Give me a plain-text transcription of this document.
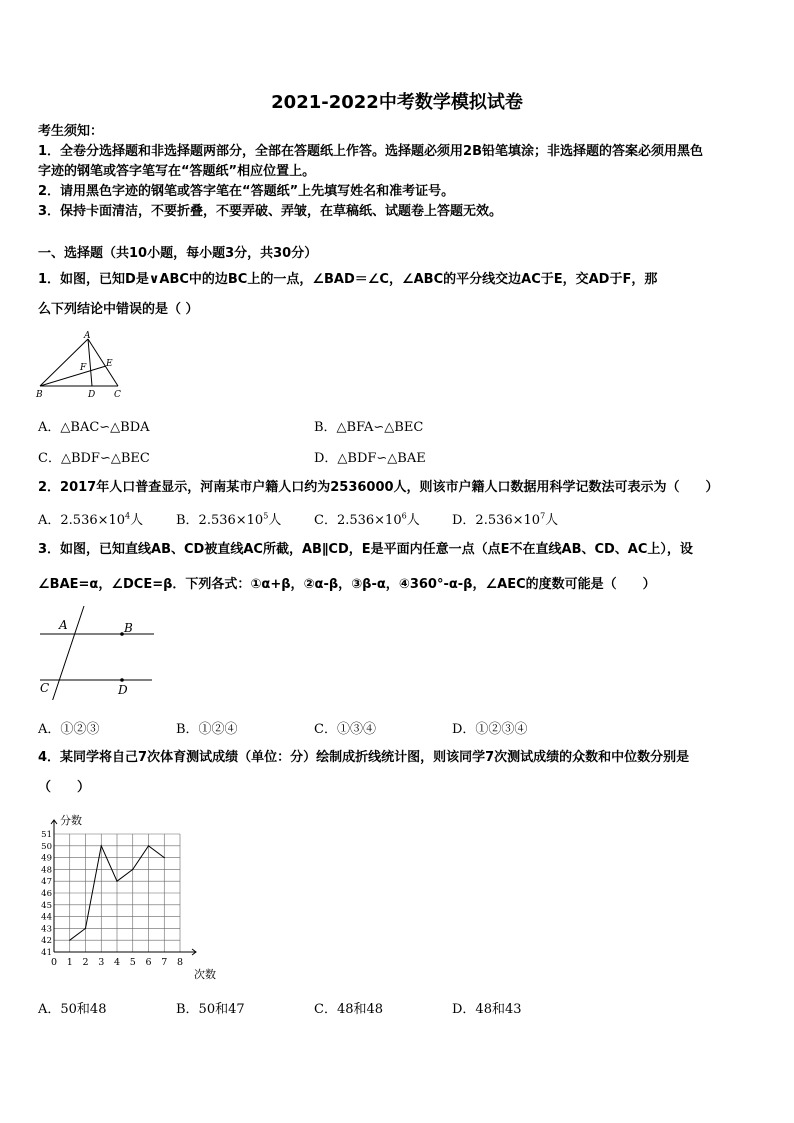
2021-2022中考数学模拟试卷
考生须知：
1．全卷分选择题和非选择题两部分，全部在答题纸上作答。选择题必须用2B铅笔填涂；非选择题的答案必须用黑色
字迹的钢笔或答字笔写在“答题纸”相应位置上。
2．请用黑色字迹的钢笔或答字笔在“答题纸”上先填写姓名和准考证号。
3．保持卡面清洁，不要折叠，不要弄破、弄皱，在草稿纸、试题卷上答题无效。
一、选择题（共10小题，每小题3分，共30分）
1．如图，已知D是∨ABC中的边BC上的一点，∠BAD＝∠C，∠ABC的平分线交边AC于E，交AD于F，那
么下列结论中错误的是（ ）
A
B	C
D
E
F
A．△BAC∽△BDA	B．△BFA∽△BEC
C．△BDF∽△BEC	D．△BDF∽△BAE
2．2017年人口普查显示，河南某市户籍人口约为2536000人，则该市户籍人口数据用科学记数法可表示为（　　）
A．$2.536\times 10^4$人	B．$2.536\times 10^5$人	C．$2.536\times 10^6$人 D．$2.536\times 10^7$人
3．如图，已知直线AB、CD被直线AC所截，AB∥CD，E是平面内任意一点（点E不在直线AB、CD、AC上），设
∠BAE=α，∠DCE=β．下列各式：①α+β，②α-β，③β-α，④360°-α-β，∠AEC的度数可能是（　　）
A	B
C	D
A．①②③	B．①②④	C．①③④	D．①②③④
4．某同学将自己7次体育测试成绩（单位：分）绘制成折线统计图，则该同学7次测试成绩的众数和中位数分别是
（　　）
41
42
43
44
45
46
47
48
49
50
51
0 1 2 3 4 5 6 7 8
分数
次数
A．50和48	B．50和47	C．48和48	D．48和43
